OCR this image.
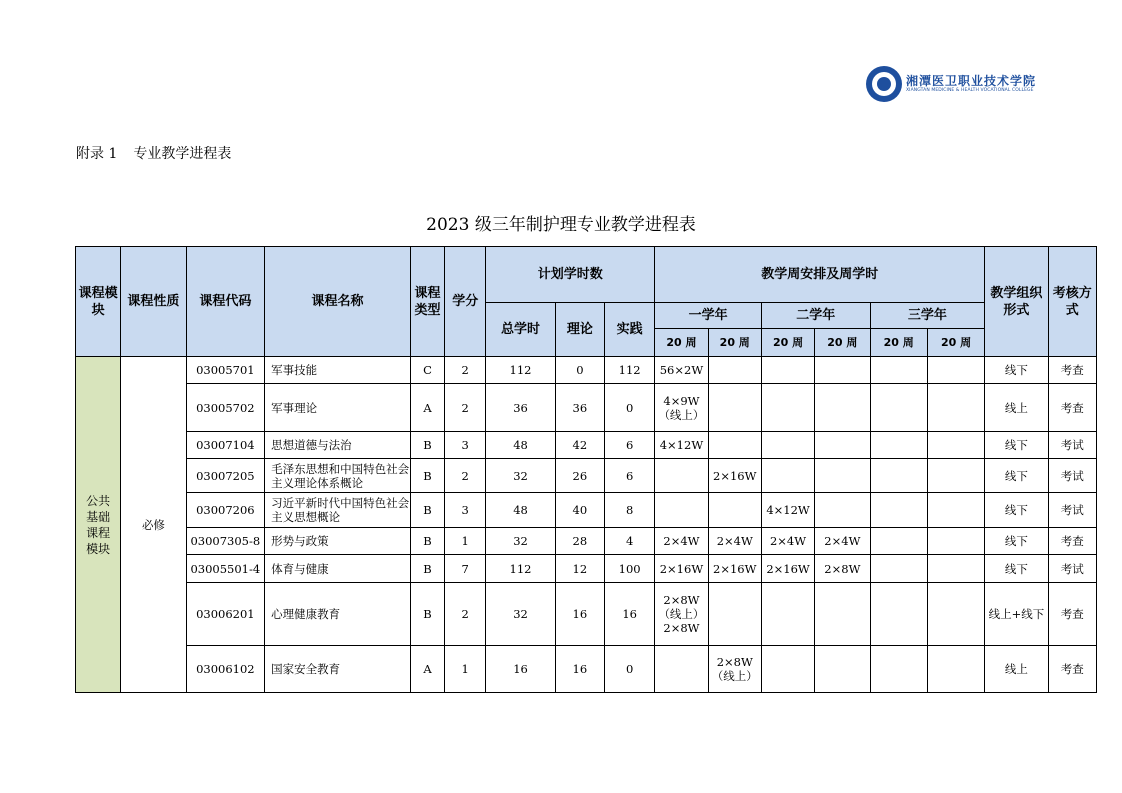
湘潭医卫职业技术学院
XIANGTAN MEDICINE & HEALTH VOCATIONAL COLLEGE
附录 1 专业教学进程表
2023 级三年制护理专业教学进程表
课程模块	课程性质	课程代码	课程名称	课程类型	学分	计划学时数			教学周安排及周学时						教学组织形式	考核方式
						总学时	理论	实践	一学年		二学年		三学年			
									20 周	20 周	20 周	20 周	20 周	20 周		

公共基础课程模块	必修	03005701	军事技能	C	2	112	0	112	56×2W						线下	考查
		03005702	军事理论	A	2	36	36	0	4×9W（线上）						线上	考查
		03007104	思想道德与法治	B	3	48	42	6	4×12W						线下	考试
		03007205	毛泽东思想和中国特色社会主义理论体系概论	B	2	32	26	6		2×16W					线下	考试
		03007206	习近平新时代中国特色社会主义思想概论	B	3	48	40	8			4×12W				线下	考试
		03007305-8	形势与政策	B	1	32	28	4	2×4W	2×4W	2×4W	2×4W			线下	考查
		03005501-4	体育与健康	B	7	112	12	100	2×16W	2×16W	2×16W	2×8W			线下	考试
		03006201	心理健康教育	B	2	32	16	16	2×8W（线上）2×8W						线上+线下	考查
		03006102	国家安全教育	A	1	16	16	0		2×8W（线上）					线上	考查
